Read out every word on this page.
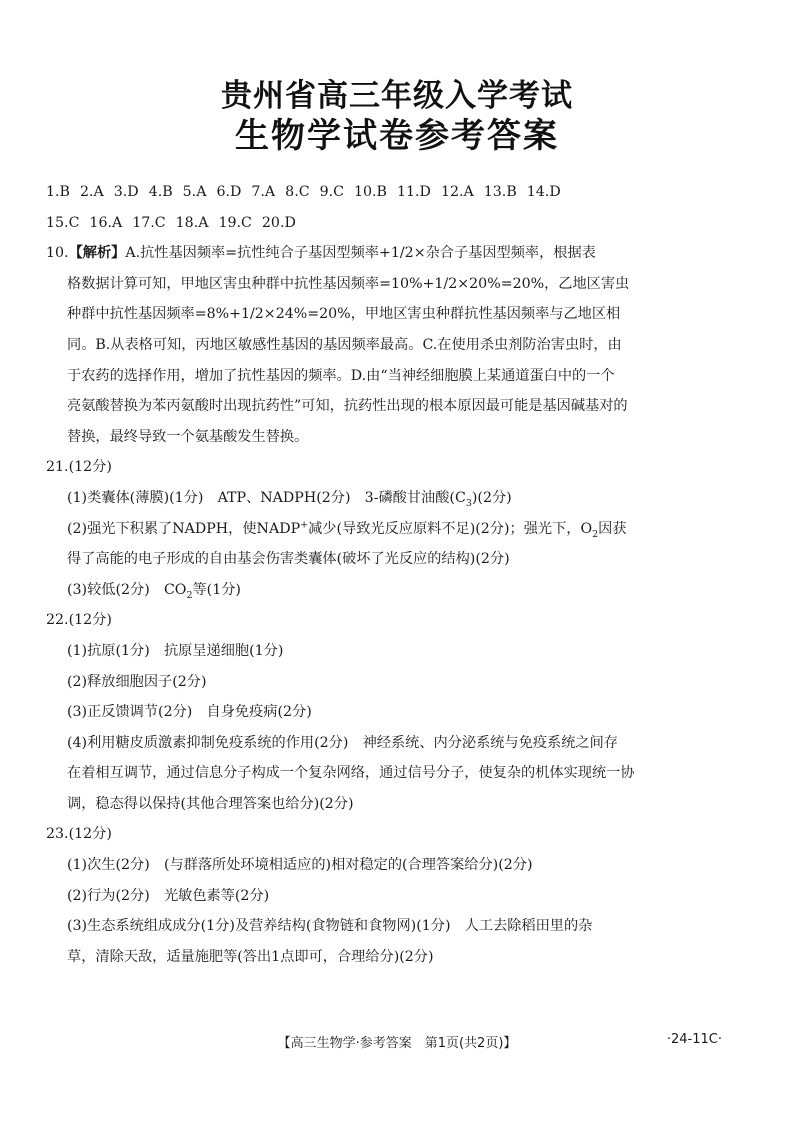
贵州省高三年级入学考试
生物学试卷参考答案
1.B 2.A 3.D 4.B 5.A 6.D 7.A 8.C 9.C 10.B 11.D 12.A 13.B 14.D
15.C 16.A 17.C 18.A 19.C 20.D
10.【解析】A.抗性基因频率=抗性纯合子基因型频率+1/2×杂合子基因型频率，根据表
格数据计算可知，甲地区害虫种群中抗性基因频率=10%+1/2×20%=20%，乙地区害虫
种群中抗性基因频率=8%+1/2×24%=20%，甲地区害虫种群抗性基因频率与乙地区相
同。B.从表格可知，丙地区敏感性基因的基因频率最高。C.在使用杀虫剂防治害虫时，由
于农药的选择作用，增加了抗性基因的频率。D.由“当神经细胞膜上某通道蛋白中的一个
亮氨酸替换为苯丙氨酸时出现抗药性”可知，抗药性出现的根本原因最可能是基因碱基对的
替换，最终导致一个氨基酸发生替换。
21.(12分)
(1)类囊体(薄膜)(1分)　ATP、NADPH(2分)　3-磷酸甘油酸$(C_3)(2$分)
(2)强光下积累了NADPH，使NADP+减少(导致光反应原料不足)(2分)；强光下，$O_2$因获
得了高能的电子形成的自由基会伤害类囊体(破坏了光反应的结构)(2分)
(3)较低(2分)　$CO_2$等(1分)
22.(12分)
(1)抗原(1分)　抗原呈递细胞(1分)
(2)释放细胞因子(2分)
(3)正反馈调节(2分)　自身免疫病(2分)
(4)利用糖皮质激素抑制免疫系统的作用(2分)　神经系统、内分泌系统与免疫系统之间存
在着相互调节，通过信息分子构成一个复杂网络，通过信号分子，使复杂的机体实现统一协
调，稳态得以保持(其他合理答案也给分)(2分)
23.(12分)
(1)次生(2分)　(与群落所处环境相适应的)相对稳定的(合理答案给分)(2分)
(2)行为(2分)　光敏色素等(2分)
(3)生态系统组成成分(1分)及营养结构(食物链和食物网)(1分)　人工去除稻田里的杂
草，清除天敌，适量施肥等(答出1点即可，合理给分)(2分)
【高三生物学·参考答案　第1页(共2页)】	·24-11C·
